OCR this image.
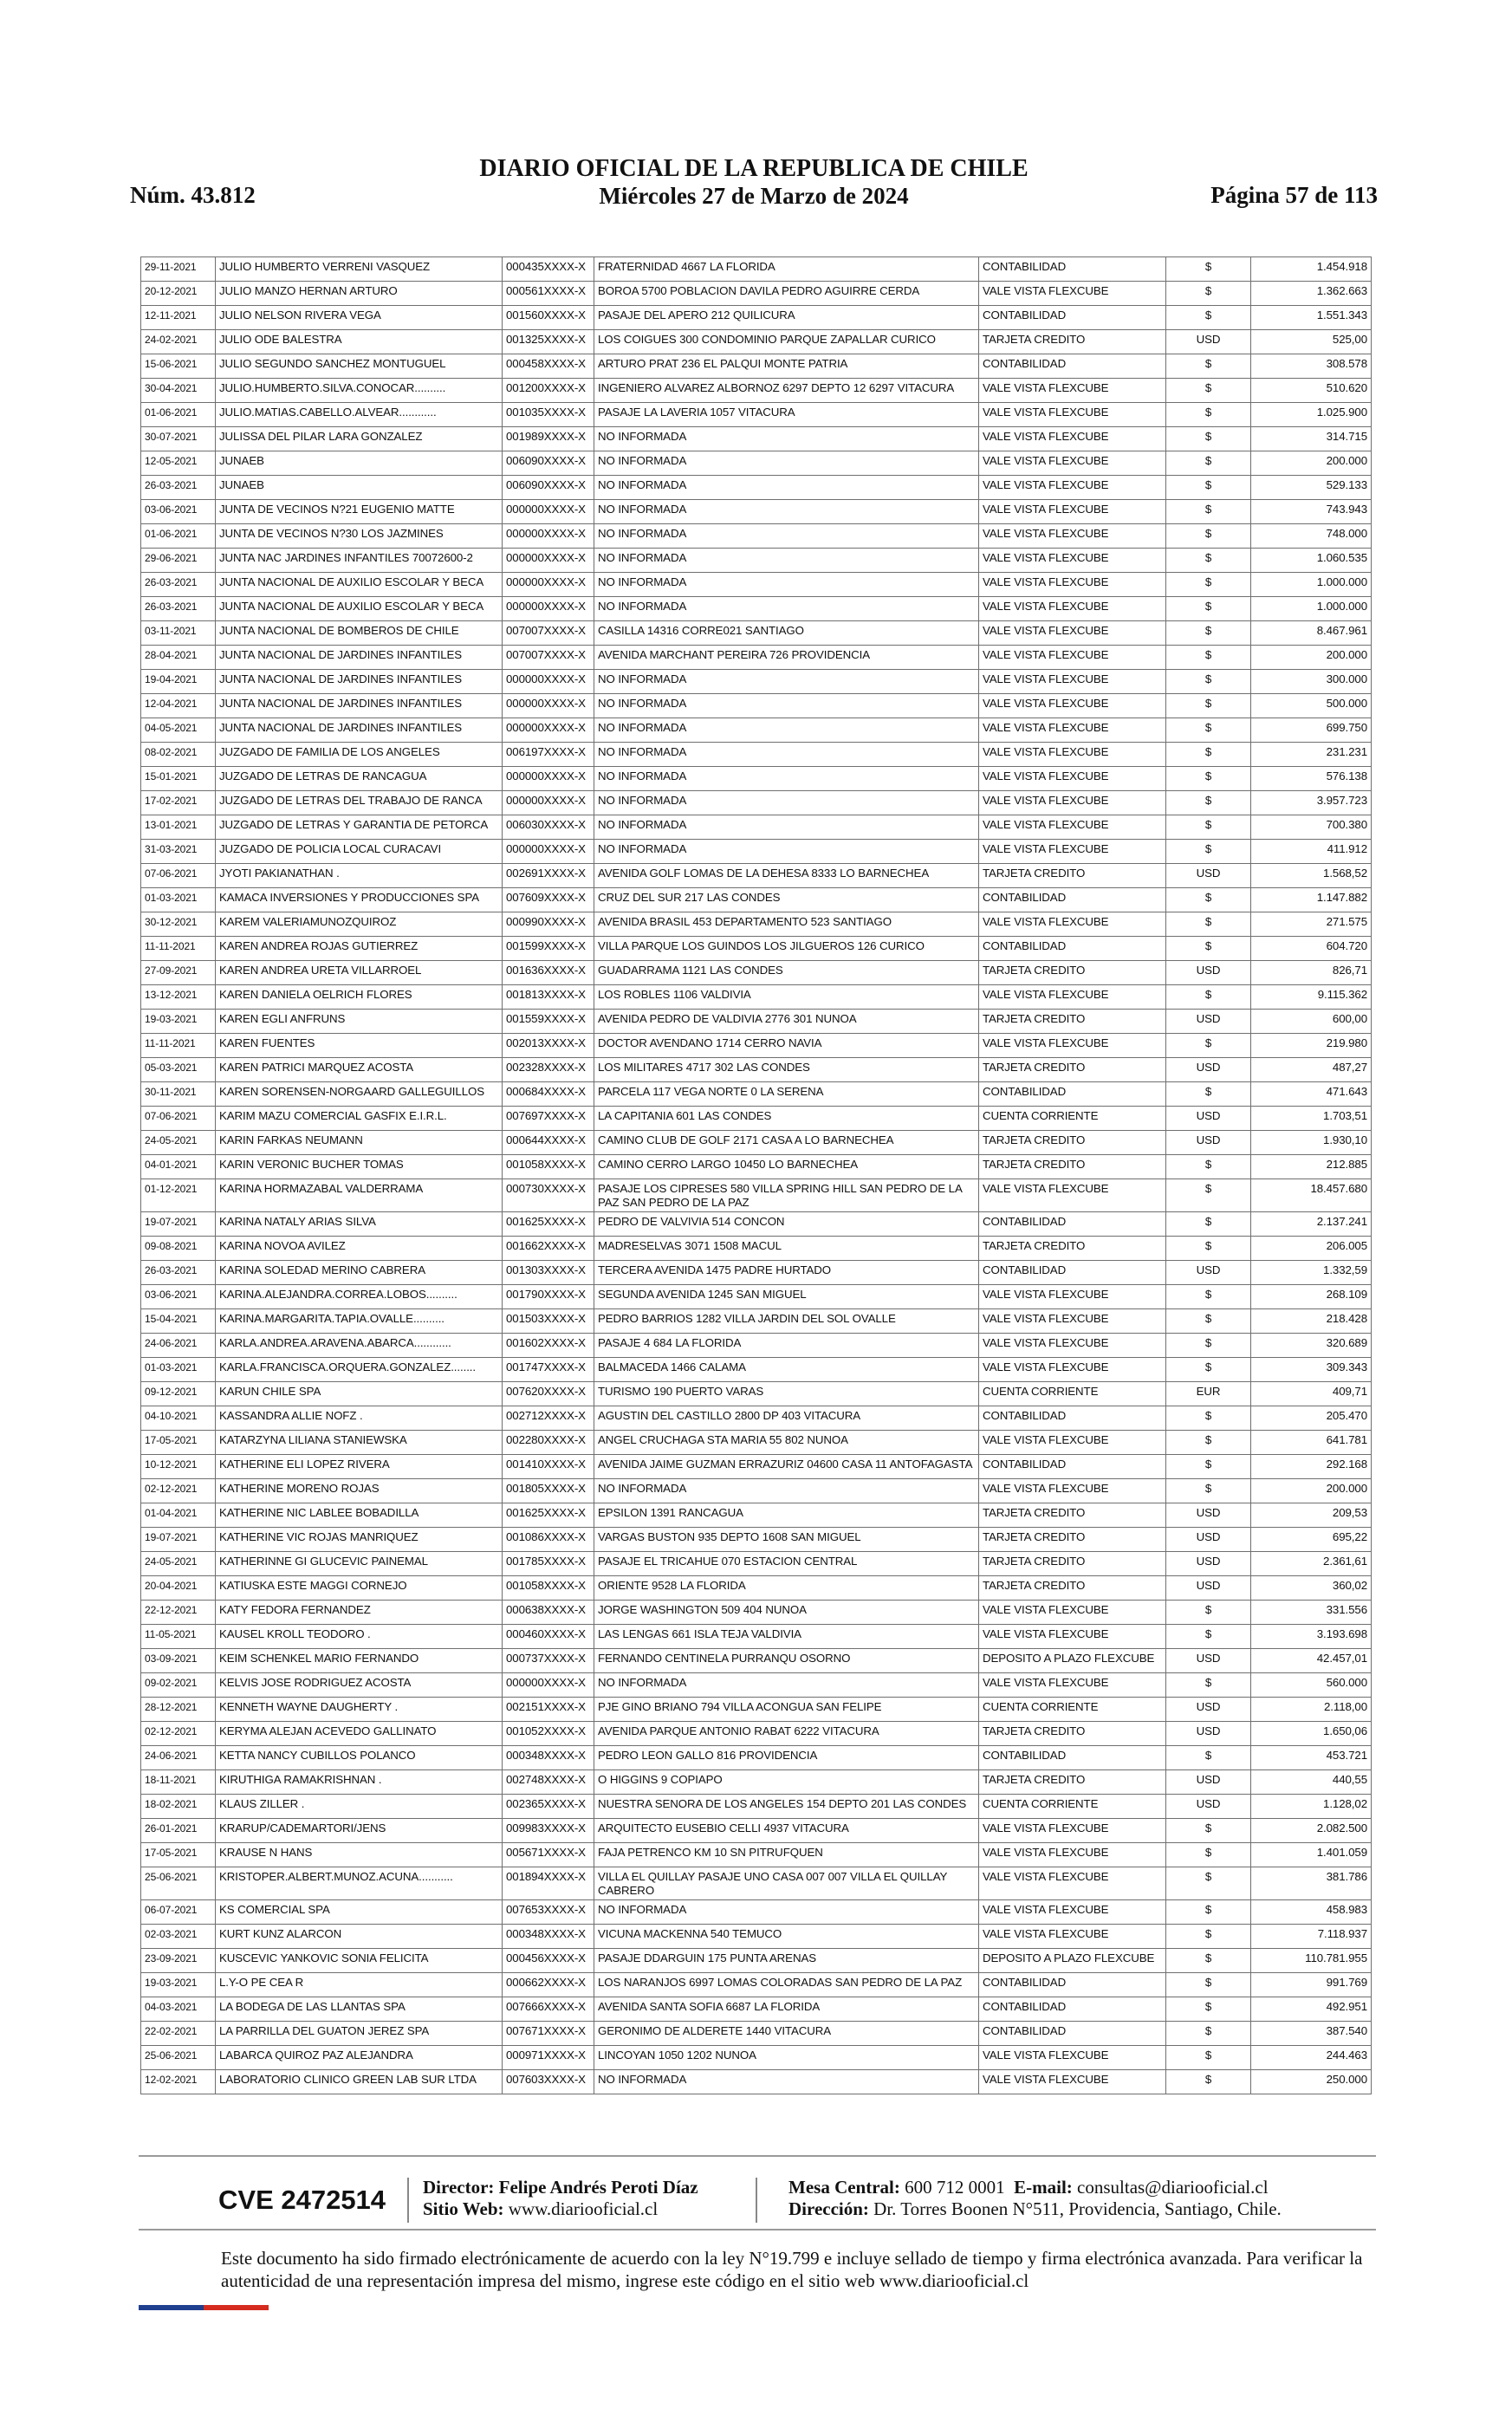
Núm. 43.812
DIARIO OFICIAL DE LA REPUBLICA DE CHILE
Miércoles 27 de Marzo de 2024	Página 57 de 113
29-11-2021	JULIO HUMBERTO VERRENI VASQUEZ	000435XXXX-X	FRATERNIDAD 4667 LA FLORIDA	CONTABILIDAD	$	1.454.918
20-12-2021	JULIO MANZO HERNAN ARTURO	000561XXXX-X	BOROA 5700 POBLACION DAVILA PEDRO AGUIRRE CERDA	VALE VISTA FLEXCUBE	$	1.362.663
12-11-2021	JULIO NELSON RIVERA VEGA	001560XXXX-X	PASAJE DEL APERO 212 QUILICURA	CONTABILIDAD	$	1.551.343
24-02-2021	JULIO ODE BALESTRA	001325XXXX-X	LOS COIGUES 300 CONDOMINIO PARQUE ZAPALLAR CURICO	TARJETA CREDITO	USD	525,00
15-06-2021	JULIO SEGUNDO SANCHEZ MONTUGUEL	000458XXXX-X	ARTURO PRAT 236 EL PALQUI MONTE PATRIA	CONTABILIDAD	$	308.578
30-04-2021	JULIO.HUMBERTO.SILVA.CONOCAR..........	001200XXXX-X	INGENIERO ALVAREZ ALBORNOZ 6297 DEPTO 12 6297 VITACURA	VALE VISTA FLEXCUBE	$	510.620
01-06-2021	JULIO.MATIAS.CABELLO.ALVEAR............	001035XXXX-X	PASAJE LA LAVERIA 1057 VITACURA	VALE VISTA FLEXCUBE	$	1.025.900
30-07-2021	JULISSA DEL PILAR LARA GONZALEZ	001989XXXX-X	NO INFORMADA	VALE VISTA FLEXCUBE	$	314.715
12-05-2021	JUNAEB	006090XXXX-X	NO INFORMADA	VALE VISTA FLEXCUBE	$	200.000
26-03-2021	JUNAEB	006090XXXX-X	NO INFORMADA	VALE VISTA FLEXCUBE	$	529.133
03-06-2021	JUNTA DE VECINOS N?21 EUGENIO MATTE	000000XXXX-X	NO INFORMADA	VALE VISTA FLEXCUBE	$	743.943
01-06-2021	JUNTA DE VECINOS N?30 LOS JAZMINES	000000XXXX-X	NO INFORMADA	VALE VISTA FLEXCUBE	$	748.000
29-06-2021	JUNTA NAC JARDINES INFANTILES 70072600-2	000000XXXX-X	NO INFORMADA	VALE VISTA FLEXCUBE	$	1.060.535
26-03-2021	JUNTA NACIONAL DE AUXILIO ESCOLAR Y BECA	000000XXXX-X	NO INFORMADA	VALE VISTA FLEXCUBE	$	1.000.000
26-03-2021	JUNTA NACIONAL DE AUXILIO ESCOLAR Y BECA	000000XXXX-X	NO INFORMADA	VALE VISTA FLEXCUBE	$	1.000.000
03-11-2021	JUNTA NACIONAL DE BOMBEROS DE CHILE	007007XXXX-X	CASILLA 14316 CORRE021 SANTIAGO	VALE VISTA FLEXCUBE	$	8.467.961
28-04-2021	JUNTA NACIONAL DE JARDINES INFANTILES	007007XXXX-X	AVENIDA MARCHANT PEREIRA 726 PROVIDENCIA	VALE VISTA FLEXCUBE	$	200.000
19-04-2021	JUNTA NACIONAL DE JARDINES INFANTILES	000000XXXX-X	NO INFORMADA	VALE VISTA FLEXCUBE	$	300.000
12-04-2021	JUNTA NACIONAL DE JARDINES INFANTILES	000000XXXX-X	NO INFORMADA	VALE VISTA FLEXCUBE	$	500.000
04-05-2021	JUNTA NACIONAL DE JARDINES INFANTILES	000000XXXX-X	NO INFORMADA	VALE VISTA FLEXCUBE	$	699.750
08-02-2021	JUZGADO DE FAMILIA DE LOS ANGELES	006197XXXX-X	NO INFORMADA	VALE VISTA FLEXCUBE	$	231.231
15-01-2021	JUZGADO DE LETRAS DE RANCAGUA	000000XXXX-X	NO INFORMADA	VALE VISTA FLEXCUBE	$	576.138
17-02-2021	JUZGADO DE LETRAS DEL TRABAJO DE RANCA	000000XXXX-X	NO INFORMADA	VALE VISTA FLEXCUBE	$	3.957.723
13-01-2021	JUZGADO DE LETRAS Y GARANTIA DE PETORCA	006030XXXX-X	NO INFORMADA	VALE VISTA FLEXCUBE	$	700.380
31-03-2021	JUZGADO DE POLICIA LOCAL CURACAVI	000000XXXX-X	NO INFORMADA	VALE VISTA FLEXCUBE	$	411.912
07-06-2021	JYOTI PAKIANATHAN .	002691XXXX-X	AVENIDA GOLF LOMAS DE LA DEHESA 8333 LO BARNECHEA	TARJETA CREDITO	USD	1.568,52
01-03-2021	KAMACA INVERSIONES Y PRODUCCIONES SPA	007609XXXX-X	CRUZ DEL SUR 217 LAS CONDES	CONTABILIDAD	$	1.147.882
30-12-2021	KAREM VALERIAMUNOZQUIROZ	000990XXXX-X	AVENIDA BRASIL 453 DEPARTAMENTO 523 SANTIAGO	VALE VISTA FLEXCUBE	$	271.575
11-11-2021	KAREN ANDREA ROJAS GUTIERREZ	001599XXXX-X	VILLA PARQUE LOS GUINDOS LOS JILGUEROS 126 CURICO	CONTABILIDAD	$	604.720
27-09-2021	KAREN ANDREA URETA VILLARROEL	001636XXXX-X	GUADARRAMA 1121 LAS CONDES	TARJETA CREDITO	USD	826,71
13-12-2021	KAREN DANIELA OELRICH FLORES	001813XXXX-X	LOS ROBLES 1106 VALDIVIA	VALE VISTA FLEXCUBE	$	9.115.362
19-03-2021	KAREN EGLI ANFRUNS	001559XXXX-X	AVENIDA PEDRO DE VALDIVIA 2776 301 NUNOA	TARJETA CREDITO	USD	600,00
11-11-2021	KAREN FUENTES	002013XXXX-X	DOCTOR AVENDANO 1714 CERRO NAVIA	VALE VISTA FLEXCUBE	$	219.980
05-03-2021	KAREN PATRICI MARQUEZ ACOSTA	002328XXXX-X	LOS MILITARES 4717 302 LAS CONDES	TARJETA CREDITO	USD	487,27
30-11-2021	KAREN SORENSEN-NORGAARD GALLEGUILLOS	000684XXXX-X	PARCELA 117 VEGA NORTE 0 LA SERENA	CONTABILIDAD	$	471.643
07-06-2021	KARIM MAZU COMERCIAL GASFIX E.I.R.L.	007697XXXX-X	LA CAPITANIA 601 LAS CONDES	CUENTA CORRIENTE	USD	1.703,51
24-05-2021	KARIN FARKAS NEUMANN	000644XXXX-X	CAMINO CLUB DE GOLF 2171 CASA A LO BARNECHEA	TARJETA CREDITO	USD	1.930,10
04-01-2021	KARIN VERONIC BUCHER TOMAS	001058XXXX-X	CAMINO CERRO LARGO 10450 LO BARNECHEA	TARJETA CREDITO	$	212.885
01-12-2021	KARINA HORMAZABAL VALDERRAMA	000730XXXX-X	PASAJE LOS CIPRESES 580 VILLA SPRING HILL SAN PEDRO DE LA PAZ SAN PEDRO DE LA PAZ	VALE VISTA FLEXCUBE	$	18.457.680
19-07-2021	KARINA NATALY ARIAS SILVA	001625XXXX-X	PEDRO DE VALVIVIA 514 CONCON	CONTABILIDAD	$	2.137.241
09-08-2021	KARINA NOVOA AVILEZ	001662XXXX-X	MADRESELVAS 3071 1508 MACUL	TARJETA CREDITO	$	206.005
26-03-2021	KARINA SOLEDAD MERINO CABRERA	001303XXXX-X	TERCERA AVENIDA 1475 PADRE HURTADO	CONTABILIDAD	USD	1.332,59
03-06-2021	KARINA.ALEJANDRA.CORREA.LOBOS..........	001790XXXX-X	SEGUNDA AVENIDA 1245 SAN MIGUEL	VALE VISTA FLEXCUBE	$	268.109
15-04-2021	KARINA.MARGARITA.TAPIA.OVALLE..........	001503XXXX-X	PEDRO BARRIOS 1282 VILLA JARDIN DEL SOL OVALLE	VALE VISTA FLEXCUBE	$	218.428
24-06-2021	KARLA.ANDREA.ARAVENA.ABARCA............	001602XXXX-X	PASAJE 4 684 LA FLORIDA	VALE VISTA FLEXCUBE	$	320.689
01-03-2021	KARLA.FRANCISCA.ORQUERA.GONZALEZ........	001747XXXX-X	BALMACEDA 1466 CALAMA	VALE VISTA FLEXCUBE	$	309.343
09-12-2021	KARUN CHILE SPA	007620XXXX-X	TURISMO 190 PUERTO VARAS	CUENTA CORRIENTE	EUR	409,71
04-10-2021	KASSANDRA ALLIE NOFZ .	002712XXXX-X	AGUSTIN DEL CASTILLO 2800 DP 403 VITACURA	CONTABILIDAD	$	205.470
17-05-2021	KATARZYNA LILIANA STANIEWSKA	002280XXXX-X	ANGEL CRUCHAGA STA MARIA 55 802 NUNOA	VALE VISTA FLEXCUBE	$	641.781
10-12-2021	KATHERINE ELI LOPEZ RIVERA	001410XXXX-X	AVENIDA JAIME GUZMAN ERRAZURIZ 04600 CASA 11 ANTOFAGASTA	CONTABILIDAD	$	292.168
02-12-2021	KATHERINE MORENO ROJAS	001805XXXX-X	NO INFORMADA	VALE VISTA FLEXCUBE	$	200.000
01-04-2021	KATHERINE NIC LABLEE BOBADILLA	001625XXXX-X	EPSILON 1391 RANCAGUA	TARJETA CREDITO	USD	209,53
19-07-2021	KATHERINE VIC ROJAS MANRIQUEZ	001086XXXX-X	VARGAS BUSTON 935 DEPTO 1608 SAN MIGUEL	TARJETA CREDITO	USD	695,22
24-05-2021	KATHERINNE GI GLUCEVIC PAINEMAL	001785XXXX-X	PASAJE EL TRICAHUE 070 ESTACION CENTRAL	TARJETA CREDITO	USD	2.361,61
20-04-2021	KATIUSKA ESTE MAGGI CORNEJO	001058XXXX-X	ORIENTE 9528 LA FLORIDA	TARJETA CREDITO	USD	360,02
22-12-2021	KATY FEDORA FERNANDEZ	000638XXXX-X	JORGE WASHINGTON 509 404 NUNOA	VALE VISTA FLEXCUBE	$	331.556
11-05-2021	KAUSEL KROLL TEODORO .	000460XXXX-X	LAS LENGAS 661 ISLA TEJA VALDIVIA	VALE VISTA FLEXCUBE	$	3.193.698
03-09-2021	KEIM SCHENKEL MARIO FERNANDO	000737XXXX-X	FERNANDO CENTINELA PURRANQU OSORNO	DEPOSITO A PLAZO FLEXCUBE	USD	42.457,01
09-02-2021	KELVIS JOSE RODRIGUEZ ACOSTA	000000XXXX-X	NO INFORMADA	VALE VISTA FLEXCUBE	$	560.000
28-12-2021	KENNETH WAYNE DAUGHERTY .	002151XXXX-X	PJE GINO BRIANO 794 VILLA ACONGUA SAN FELIPE	CUENTA CORRIENTE	USD	2.118,00
02-12-2021	KERYMA ALEJAN ACEVEDO GALLINATO	001052XXXX-X	AVENIDA PARQUE ANTONIO RABAT 6222 VITACURA	TARJETA CREDITO	USD	1.650,06
24-06-2021	KETTA NANCY CUBILLOS POLANCO	000348XXXX-X	PEDRO LEON GALLO 816 PROVIDENCIA	CONTABILIDAD	$	453.721
18-11-2021	KIRUTHIGA RAMAKRISHNAN .	002748XXXX-X	O HIGGINS 9 COPIAPO	TARJETA CREDITO	USD	440,55
18-02-2021	KLAUS ZILLER .	002365XXXX-X	NUESTRA SENORA DE LOS ANGELES 154 DEPTO 201 LAS CONDES	CUENTA CORRIENTE	USD	1.128,02
26-01-2021	KRARUP/CADEMARTORI/JENS	009983XXXX-X	ARQUITECTO EUSEBIO CELLI 4937 VITACURA	VALE VISTA FLEXCUBE	$	2.082.500
17-05-2021	KRAUSE N HANS	005671XXXX-X	FAJA PETRENCO KM 10 SN PITRUFQUEN	VALE VISTA FLEXCUBE	$	1.401.059
25-06-2021	KRISTOPER.ALBERT.MUNOZ.ACUNA...........	001894XXXX-X	VILLA EL QUILLAY PASAJE UNO CASA 007 007 VILLA EL QUILLAY CABRERO	VALE VISTA FLEXCUBE	$	381.786
06-07-2021	KS COMERCIAL SPA	007653XXXX-X	NO INFORMADA	VALE VISTA FLEXCUBE	$	458.983
02-03-2021	KURT KUNZ ALARCON	000348XXXX-X	VICUNA MACKENNA 540 TEMUCO	VALE VISTA FLEXCUBE	$	7.118.937
23-09-2021	KUSCEVIC YANKOVIC SONIA FELICITA	000456XXXX-X	PASAJE DDARGUIN 175 PUNTA ARENAS	DEPOSITO A PLAZO FLEXCUBE	$	110.781.955
19-03-2021	L.Y-O PE CEA R	000662XXXX-X	LOS NARANJOS 6997 LOMAS COLORADAS SAN PEDRO DE LA PAZ	CONTABILIDAD	$	991.769
04-03-2021	LA BODEGA DE LAS LLANTAS SPA	007666XXXX-X	AVENIDA SANTA SOFIA 6687 LA FLORIDA	CONTABILIDAD	$	492.951
22-02-2021	LA PARRILLA DEL GUATON JEREZ SPA	007671XXXX-X	GERONIMO DE ALDERETE 1440 VITACURA	CONTABILIDAD	$	387.540
25-06-2021	LABARCA QUIROZ PAZ ALEJANDRA	000971XXXX-X	LINCOYAN 1050 1202 NUNOA	VALE VISTA FLEXCUBE	$	244.463
12-02-2021	LABORATORIO CLINICO GREEN LAB SUR LTDA	007603XXXX-X	NO INFORMADA	VALE VISTA FLEXCUBE	$	250.000
CVE 2472514 Director: Felipe Andrés Peroti Díaz
Sitio Web: www.diariooficial.cl
Mesa Central: 600 712 0001 E-mail: consultas@diariooficial.cl
Dirección: Dr. Torres Boonen N°511, Providencia, Santiago, Chile.
Este documento ha sido firmado electrónicamente de acuerdo con la ley N°19.799 e incluye sellado de tiempo y firma electrónica avanzada. Para verificar la autenticidad de una representación impresa del mismo, ingrese este código en el sitio web www.diariooficial.cl
